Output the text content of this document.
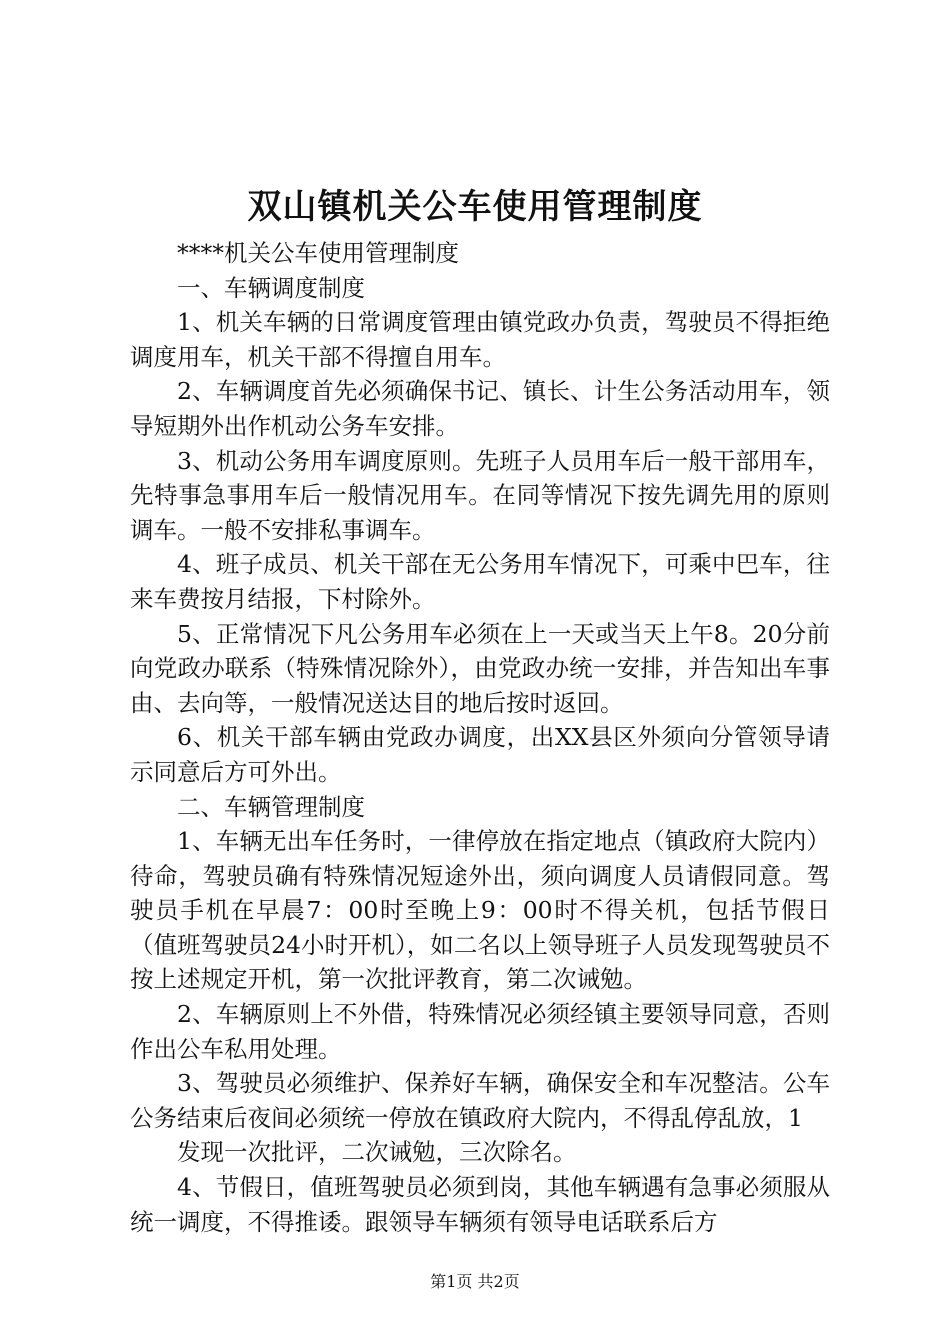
双山镇机关公车使用管理制度

****机关公车使用管理制度

一、车辆调度制度

1、机关车辆的日常调度管理由镇党政办负责，驾驶员不得拒绝调度用车，机关干部不得擅自用车。

2、车辆调度首先必须确保书记、镇长、计生公务活动用车，领导短期外出作机动公务车安排。

3、机动公务用车调度原则。先班子人员用车后一般干部用车，先特事急事用车后一般情况用车。在同等情况下按先调先用的原则调车。一般不安排私事调车。

4、班子成员、机关干部在无公务用车情况下，可乘中巴车，往来车费按月结报，下村除外。

5、正常情况下凡公务用车必须在上一天或当天上午8。20分前向党政办联系（特殊情况除外），由党政办统一安排，并告知出车事由、去向等，一般情况送达目的地后按时返回。

6、机关干部车辆由党政办调度，出XX县区外须向分管领导请示同意后方可外出。

二、车辆管理制度

1、车辆无出车任务时，一律停放在指定地点（镇政府大院内）待命，驾驶员确有特殊情况短途外出，须向调度人员请假同意。驾驶员手机在早晨7：00时至晚上9：00时不得关机，包括节假日（值班驾驶员24小时开机），如二名以上领导班子人员发现驾驶员不按上述规定开机，第一次批评教育，第二次诫勉。

2、车辆原则上不外借，特殊情况必须经镇主要领导同意，否则作出公车私用处理。

3、驾驶员必须维护、保养好车辆，确保安全和车况整洁。公车公务结束后夜间必须统一停放在镇政府大院内，不得乱停乱放，1

发现一次批评，二次诫勉，三次除名。

4、节假日，值班驾驶员必须到岗，其他车辆遇有急事必须服从统一调度，不得推诿。跟领导车辆须有领导电话联系后方

第1页 共2页
